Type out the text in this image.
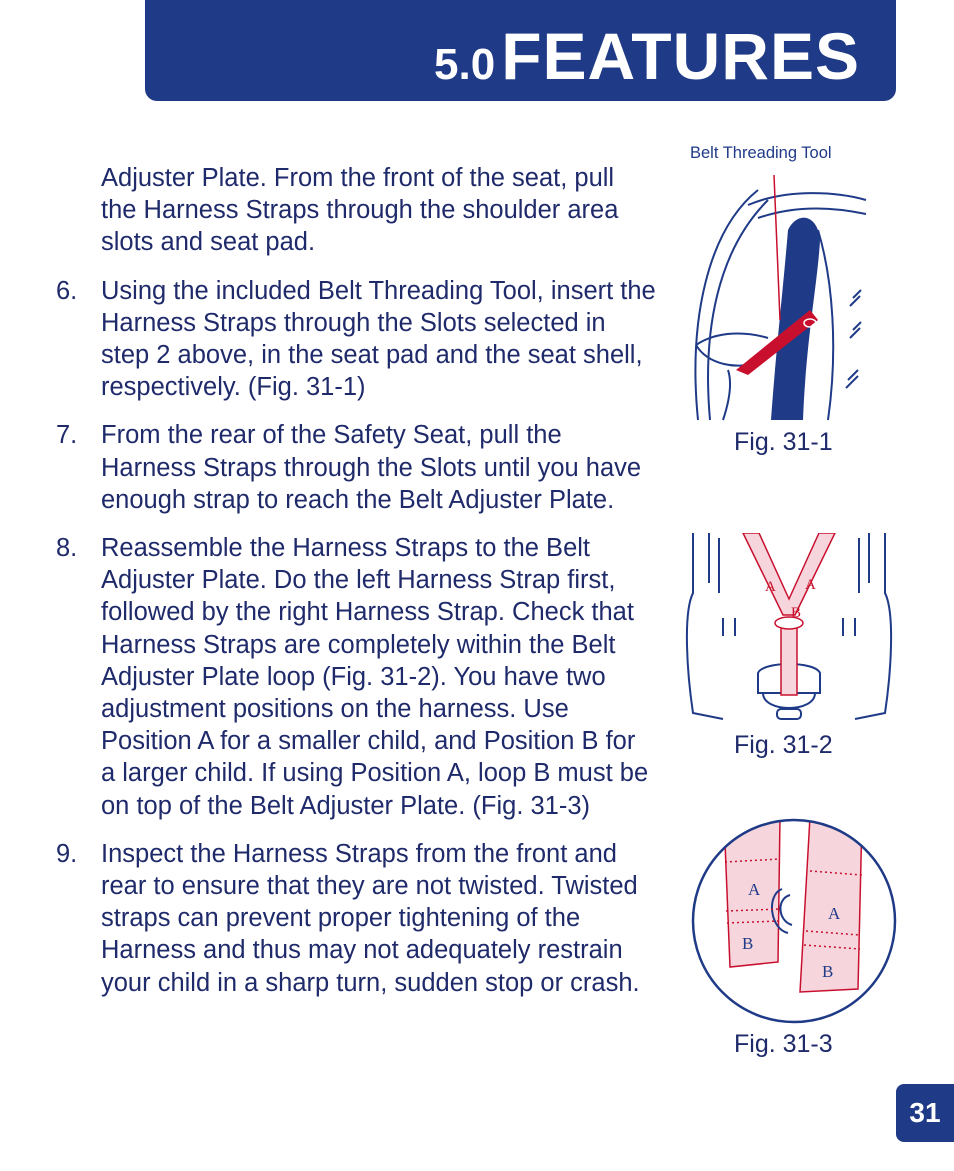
5.0FEATURES
Adjuster Plate. From the front of the seat, pull the Harness Straps through the shoulder area slots and seat pad.
6. Using the included Belt Threading Tool, insert the Harness Straps through the Slots selected in step 2 above, in the seat pad and the seat shell, respectively. (Fig. 31-1)
7. From the rear of the Safety Seat, pull the Harness Straps through the Slots until you have enough strap to reach the Belt Adjuster Plate.
8. Reassemble the Harness Straps to the Belt Adjuster Plate. Do the left Harness Strap first, followed by the right Harness Strap. Check that Harness Straps are completely within the Belt Adjuster Plate loop (Fig. 31-2). You have two adjustment positions on the harness. Use Position A for a smaller child, and Position B for a larger child. If using Position A, loop B must be on top of the Belt Adjuster Plate. (Fig. 31-3)
9. Inspect the Harness Straps from the front and rear to ensure that they are not twisted. Twisted straps can prevent proper tightening of the Harness and thus may not adequately restrain your child in a sharp turn, sudden stop or crash.
Belt Threading Tool
Fig. 31-1
A A
B
Fig. 31-2
A
B
A
B
Fig. 31-3
31
